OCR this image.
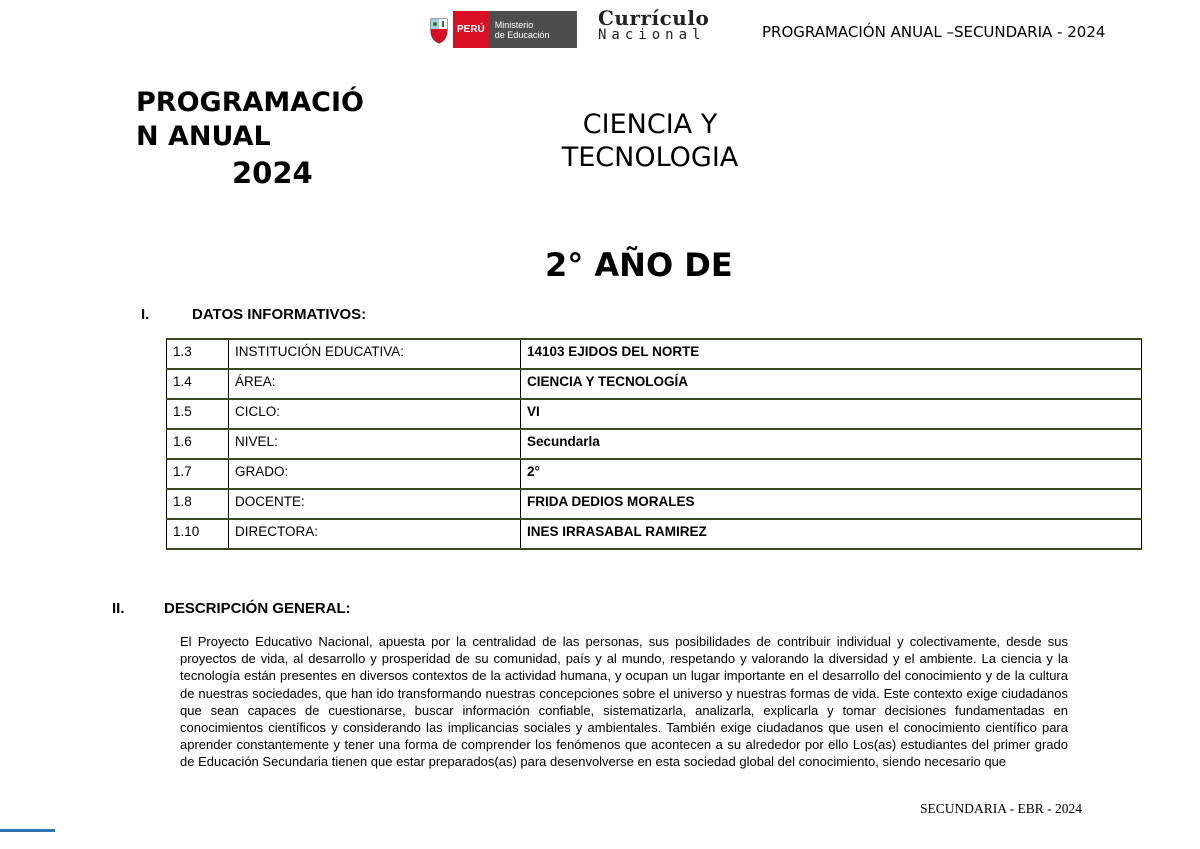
PERÚ	Ministerio
de Educación
Currículo
Nacional	PROGRAMACIÓN ANUAL –SECUNDARIA - 2024
PROGRAMACIÓ
N ANUAL
2024
CIENCIA Y
TECNOLOGIA
2° AÑO DE
I.	DATOS INFORMATIVOS:
1.3	INSTITUCIÓN EDUCATIVA:	14103 EJIDOS DEL NORTE
1.4	ÁREA:	CIENCIA Y TECNOLOGÍA
1.5	CICLO:	VI
1.6	NIVEL:	Secundarla
1.7	GRADO:	2°
1.8	DOCENTE:	FRIDA DEDIOS MORALES
1.10	DIRECTORA:	INES IRRASABAL RAMIREZ
II.	DESCRIPCIÓN GENERAL:
El Proyecto Educativo Nacional, apuesta por la centralidad de las personas, sus posibilidades de contribuir individual y colectivamente, desde sus proyectos de vida, al desarrollo y prosperidad de su comunidad, país y al mundo, respetando y valorando la diversidad y el ambiente. La ciencia y la tecnología están presentes en diversos contextos de la actividad humana, y ocupan un lugar importante en el desarrollo del conocimiento y de la cultura de nuestras sociedades, que han ido transformando nuestras concepciones sobre el universo y nuestras formas de vida. Este contexto exige ciudadanos que sean capaces de cuestionarse, buscar información confiable, sistematizarla, analizarla, explicarla y tomar decisiones fundamentadas en conocimientos científicos y considerando las implicancias sociales y ambientales. También exige ciudadanos que usen el conocimiento científico para aprender constantemente y tener una forma de comprender los fenómenos que acontecen a su alrededor por ello Los(as) estudiantes del primer grado de Educación Secundaria tienen que estar preparados(as) para desenvolverse en esta sociedad global del conocimiento, siendo necesario que
SECUNDARIA - EBR - 2024
